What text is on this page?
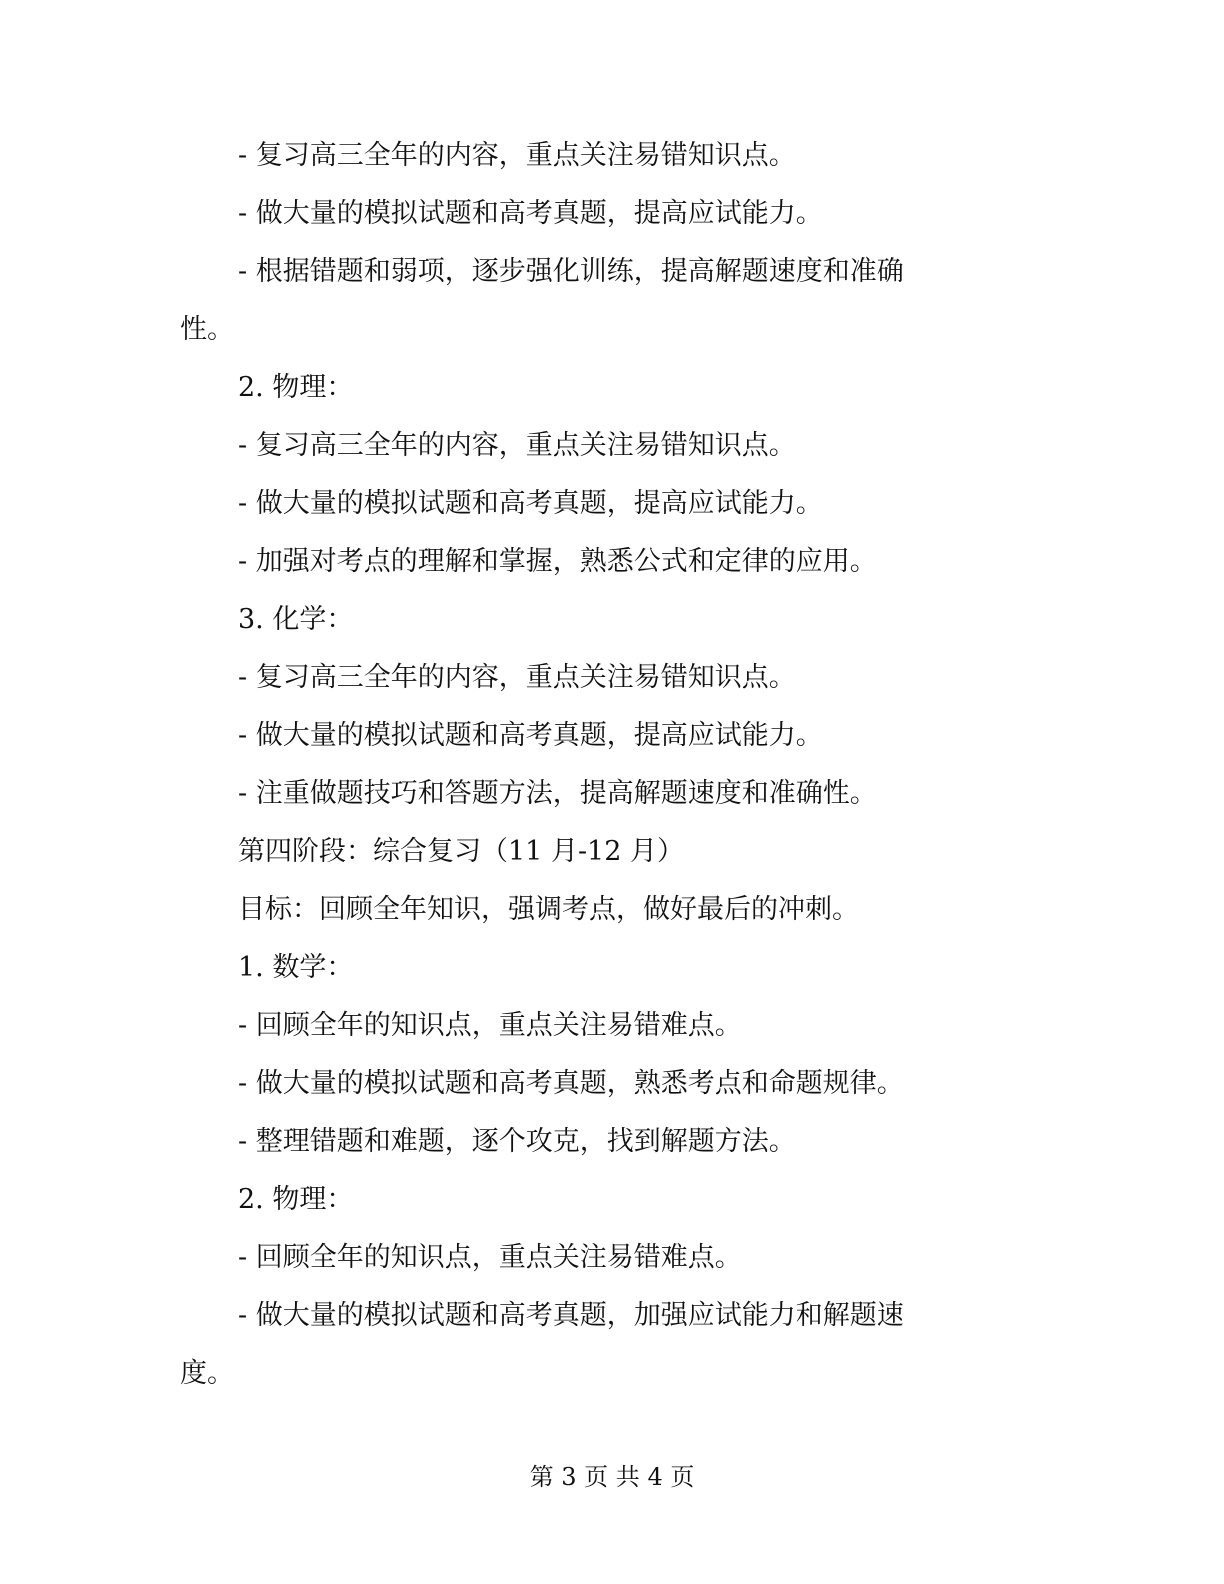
- 复习高三全年的内容，重点关注易错知识点。
- 做大量的模拟试题和高考真题，提高应试能力。
- 根据错题和弱项，逐步强化训练，提高解题速度和准确
性。
2. 物理：
- 复习高三全年的内容，重点关注易错知识点。
- 做大量的模拟试题和高考真题，提高应试能力。
- 加强对考点的理解和掌握，熟悉公式和定律的应用。
3. 化学：
- 复习高三全年的内容，重点关注易错知识点。
- 做大量的模拟试题和高考真题，提高应试能力。
- 注重做题技巧和答题方法，提高解题速度和准确性。
第四阶段：综合复习（11 月-12 月）
目标：回顾全年知识，强调考点，做好最后的冲刺。
1. 数学：
- 回顾全年的知识点，重点关注易错难点。
- 做大量的模拟试题和高考真题，熟悉考点和命题规律。
- 整理错题和难题，逐个攻克，找到解题方法。
2. 物理：
- 回顾全年的知识点，重点关注易错难点。
- 做大量的模拟试题和高考真题，加强应试能力和解题速
度。
第 3 页 共 4 页
